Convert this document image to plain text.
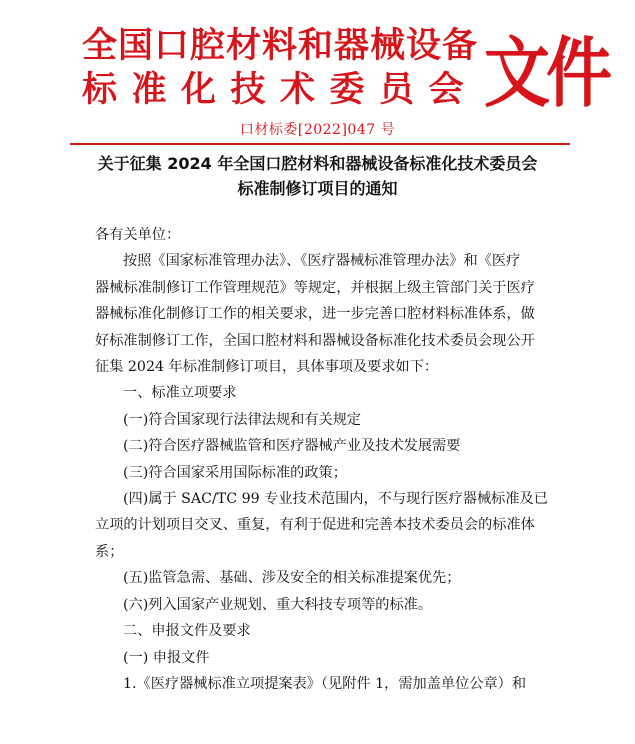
全国口腔材料和器械设备
标准化技术委员会 文件
口材标委[2022]047 号
关于征集 2024 年全国口腔材料和器械设备标准化技术委员会
标准制修订项目的通知

各有关单位：

按照《国家标准管理办法》、《医疗器械标准管理办法》和《医疗

器械标准制修订工作管理规范》等规定，并根据上级主管部门关于医疗

器械标准化制修订工作的相关要求，进一步完善口腔材料标准体系，做

好标准制修订工作，全国口腔材料和器械设备标准化技术委员会现公开

征集 2024 年标准制修订项目，具体事项及要求如下：

一、标准立项要求

(一)符合国家现行法律法规和有关规定

(二)符合医疗器械监管和医疗器械产业及技术发展需要

(三)符合国家采用国际标准的政策；

(四)属于 SAC/TC 99 专业技术范围内，不与现行医疗器械标准及已

立项的计划项目交叉、重复，有利于促进和完善本技术委员会的标准体

系；

(五)监管急需、基础、涉及安全的相关标准提案优先；

(六)列入国家产业规划、重大科技专项等的标准。

二、申报文件及要求

(一) 申报文件

1.《医疗器械标准立项提案表》（见附件 1，需加盖单位公章）和
